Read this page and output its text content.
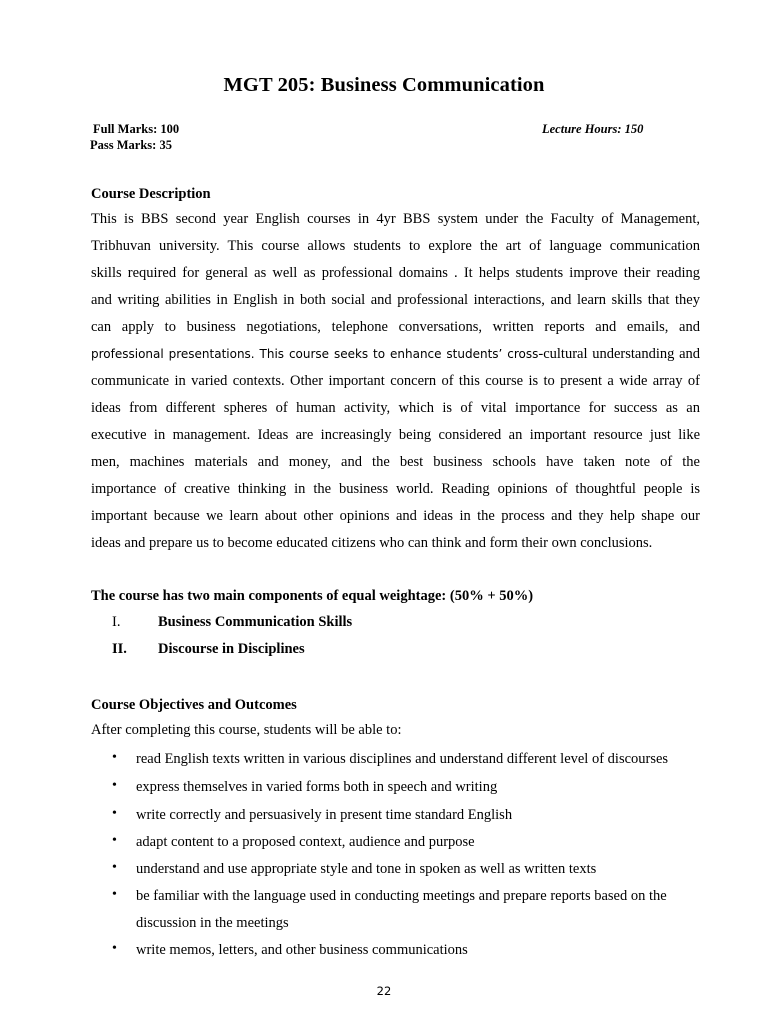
MGT 205: Business Communication
Full Marks: 100
Pass Marks: 35
Lecture Hours: 150
Course Description
This is BBS second year English courses in 4yr BBS system under the Faculty of Management,
Tribhuvan university. This course allows students to explore the art of language communication
skills required for general as well as professional domains . It helps students improve their reading
and writing abilities in English in both social and professional interactions, and learn skills that they
can apply to business negotiations, telephone conversations, written reports and emails, and
professional presentations. This course seeks to enhance students’ cross-cultural understanding and
communicate in varied contexts. Other important concern of this course is to present a wide array of
ideas from different spheres of human activity, which is of vital importance for success as an
executive in management. Ideas are increasingly being considered an important resource just like
men, machines materials and money, and the best business schools have taken note of the
importance of creative thinking in the business world. Reading opinions of thoughtful people is
important because we learn about other opinions and ideas in the process and they help shape our
ideas and prepare us to become educated citizens who can think and form their own conclusions.
The course has two main components of equal weightage: (50% + 50%)
I.	Business Communication Skills
II. Discourse in Disciplines
Course Objectives and Outcomes
After completing this course, students will be able to:
•	read English texts written in various disciplines and understand different level of discourses
•	express themselves in varied forms both in speech and writing
•	write correctly and persuasively in present time standard English
•	adapt content to a proposed context, audience and purpose
•	understand and use appropriate style and tone in spoken as well as written texts
•	be familiar with the language used in conducting meetings and prepare reports based on the
discussion in the meetings
•	write memos, letters, and other business communications
22
